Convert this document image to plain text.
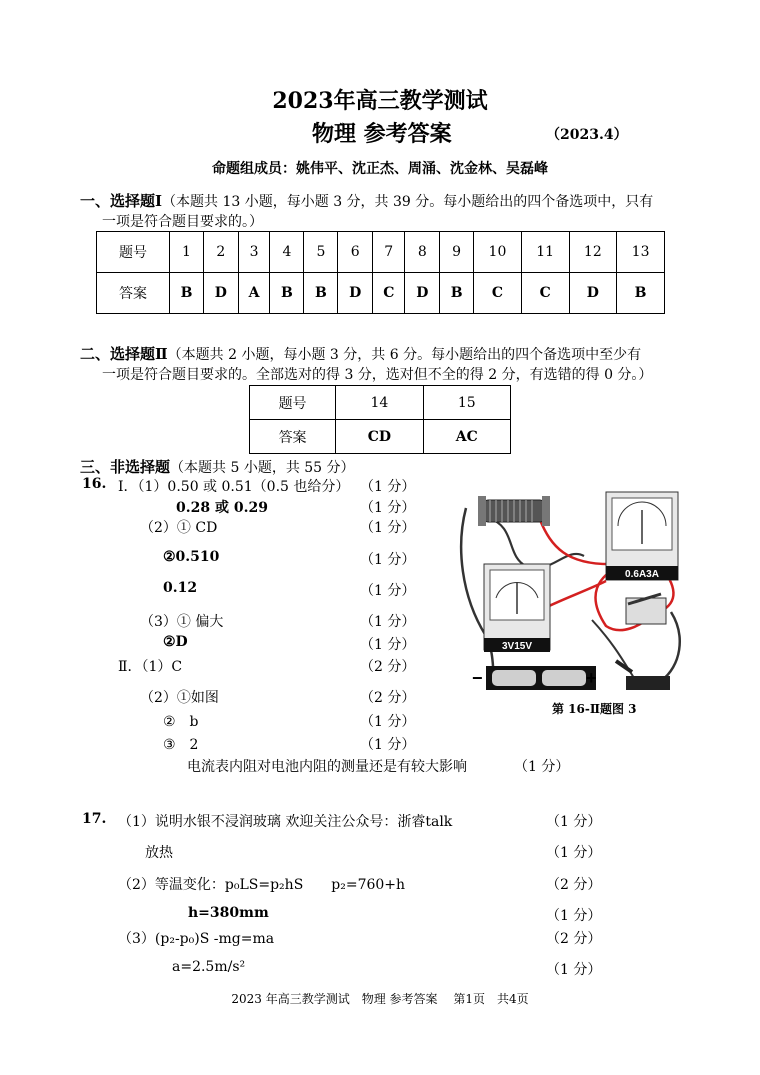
2023年高三教学测试
物理 参考答案	（2023.4）
命题组成员：姚伟平、沈正杰、周涌、沈金林、吴磊峰
一、选择题Ⅰ（本题共 13 小题，每小题 3 分，共 39 分。每小题给出的四个备选项中，只有
一项是符合题目要求的。）
题号	1	2	3	4	5	6	7	8	9	10	11	12	13
答案	B	D	A	B	B	D	C	D	B	C	C	D	B
二、选择题Ⅱ（本题共 2 小题，每小题 3 分，共 6 分。每小题给出的四个备选项中至少有
一项是符合题目要求的。全部选对的得 3 分，选对但不全的得 2 分，有选错的得 0 分。）
题号	14	15
答案	CD	AC
三、非选择题（本题共 5 小题，共 55 分）
16. Ⅰ．（1）0.50 或 0.51（0.5 也给分） （1 分）
0.28 或 0.29	（1 分）
（2）① CD	（1 分）
②0.510	（1 分）
0.12	（1 分）
（3）① 偏大	（1 分）
②D	（1 分）
Ⅱ．（1）C	（2 分）
（2）①如图	（2 分）
②　b	（1 分）
③　2	（1 分）
电流表内阻对电池内阻的测量还是有较大影响	（1 分）
0.6A3A
3V15V
−	+
第 16-Ⅱ题图 3
17. （1）说明水银不浸润玻璃 欢迎关注公众号：浙睿talk	（1 分）
放热	（1 分）
（2）等温变化：p₀LS=p₂hS　　p₂=760+h	（2 分）
h=380mm	（1 分）
（3）(p₂-p₀)S -mg=ma	（2 分）
a=2.5m/s²	（1 分）
2023 年高三教学测试　物理 参考答案　 第1页　共4页
